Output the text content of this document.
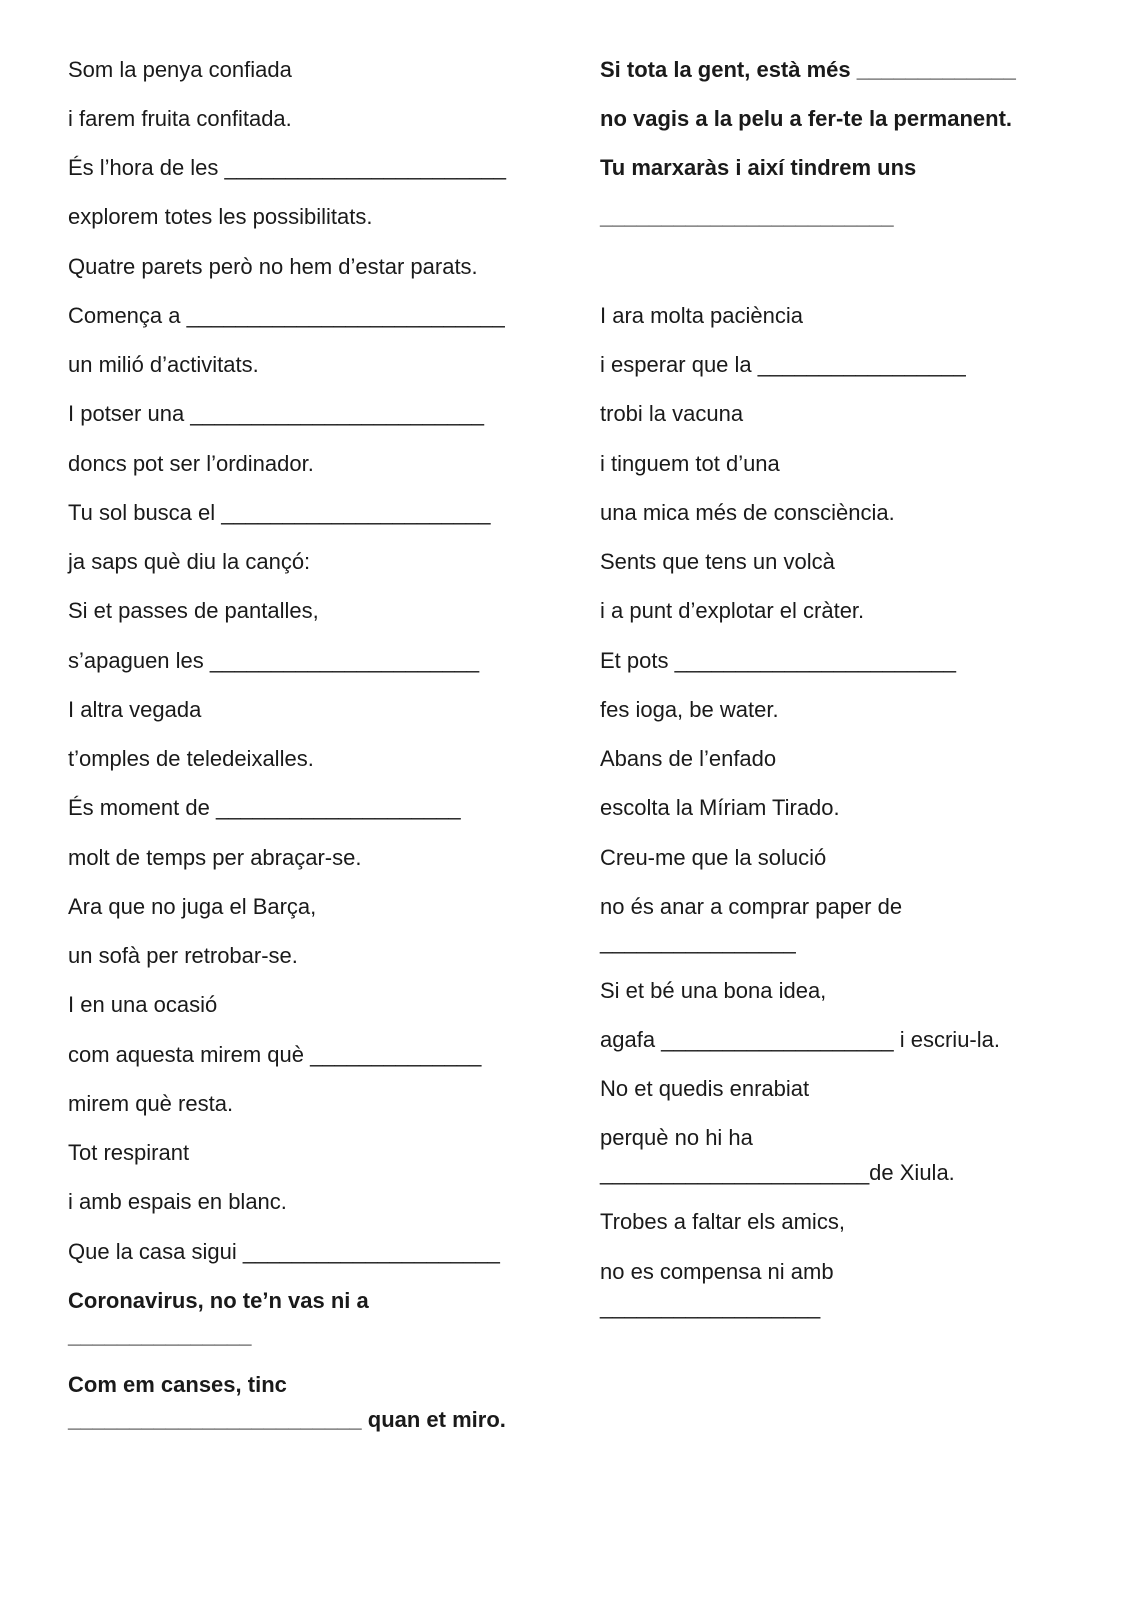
Som la penya confiada
i farem fruita confitada.
És l’hora de les _______________________
explorem totes les possibilitats.
Quatre parets però no hem d’estar parats.
Comença a __________________________
un milió d’activitats.
I potser una ________________________
doncs pot ser l’ordinador.
Tu sol busca el ______________________
ja saps què diu la cançó:
Si et passes de pantalles,
s’apaguen les ______________________
I altra vegada
t’omples de teledeixalles.
És moment de ____________________
molt de temps per abraçar-se.
Ara que no juga el Barça,
un sofà per retrobar-se.
I en una ocasió
com aquesta mirem què ______________
mirem què resta.
Tot respirant
i amb espais en blanc.
Que la casa sigui _____________________
Coronavirus, no te’n vas ni a
_______________
Com em canses, tinc
________________________ quan et miro.
Si tota la gent, està més _____________
no vagis a la pelu a fer-te la permanent.
Tu marxaràs i així tindrem uns
________________________
I ara molta paciència
i esperar que la _________________
trobi la vacuna
i tinguem tot d’una
una mica més de consciència.
Sents que tens un volcà
i a punt d’explotar el cràter.
Et pots _______________________
fes ioga, be water.
Abans de l’enfado
escolta la Míriam Tirado.
Creu-me que la solució
no és anar a comprar paper de
________________
Si et bé una bona idea,
agafa ___________________ i escriu-la.
No et quedis enrabiat
perquè no hi ha
______________________de Xiula.
Trobes a faltar els amics,
no es compensa ni amb
__________________
